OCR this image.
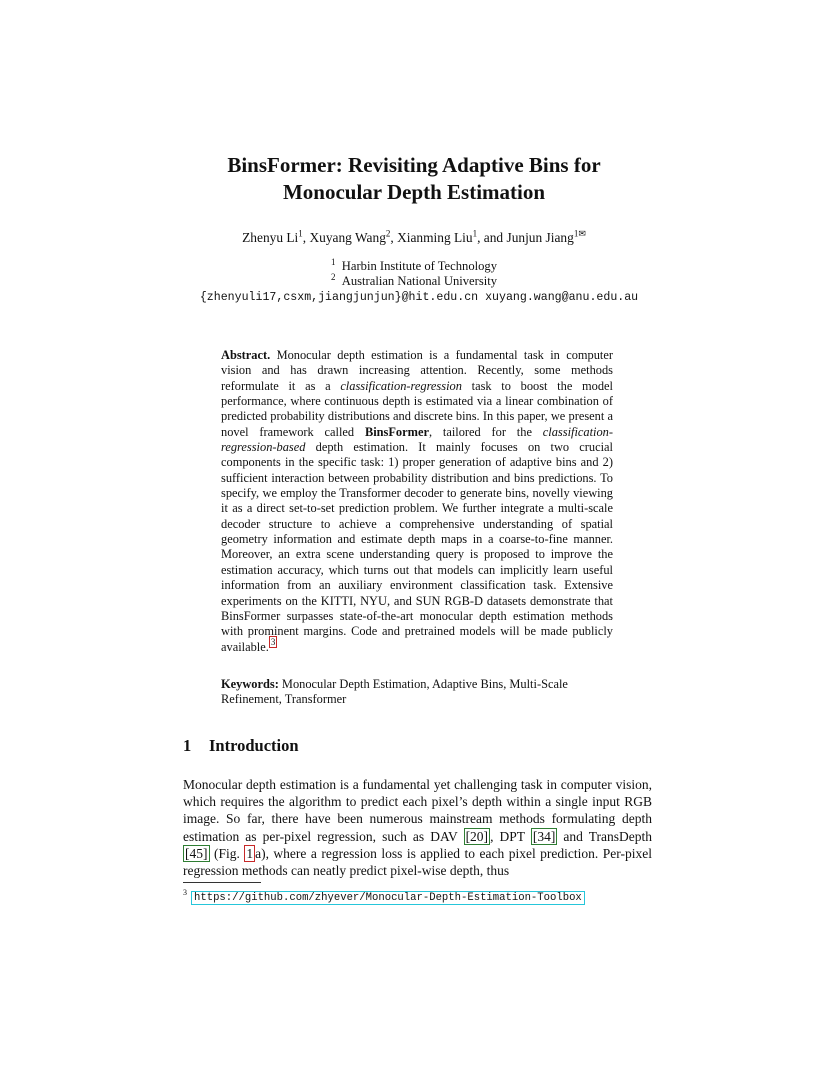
BinsFormer: Revisiting Adaptive Bins for
Monocular Depth Estimation
Zhenyu Li$^1$, Xuyang Wang$^2$, Xianming Liu$^1$, and Junjun Jiang$^{1✉}$
$^1$ Harbin Institute of Technology
$^2$ Australian National University
{zhenyuli17,csxm,jiangjunjun}@hit.edu.cn xuyang.wang@anu.edu.au
Abstract. Monocular depth estimation is a fundamental task in computer vision and has drawn increasing attention. Recently, some methods reformulate it as a classification-regression task to boost the model performance, where continuous depth is estimated via a linear combination of predicted probability distributions and discrete bins. In this paper, we present a novel framework called BinsFormer, tailored for the classification-regression-based depth estimation. It mainly focuses on two crucial components in the specific task: 1) proper generation of adaptive bins and 2) sufficient interaction between probability distribution and bins predictions. To specify, we employ the Transformer decoder to generate bins, novelly viewing it as a direct set-to-set prediction problem. We further integrate a multi-scale decoder structure to achieve a comprehensive understanding of spatial geometry information and estimate depth maps in a coarse-to-fine manner. Moreover, an extra scene understanding query is proposed to improve the estimation accuracy, which turns out that models can implicitly learn useful information from an auxiliary environment classification task. Extensive experiments on the KITTI, NYU, and SUN RGB-D datasets demonstrate that BinsFormer surpasses state-of-the-art monocular depth estimation methods with prominent margins. Code and pretrained models will be made publicly available. $^3$
Keywords: Monocular Depth Estimation, Adaptive Bins, Multi-Scale Refinement, Transformer
1 Introduction
Monocular depth estimation is a fundamental yet challenging task in computer vision, which requires the algorithm to predict each pixel’s depth within a single input RGB image. So far, there have been numerous mainstream methods formulating depth estimation as per-pixel regression, such as DAV [20] , DPT [34] and TransDepth [45] (Fig. 1 a), where a regression loss is applied to each pixel prediction. Per-pixel regression methods can neatly predict pixel-wise depth, thus
$^3$ https://github.com/zhyever/Monocular-Depth-Estimation-Toolbox
